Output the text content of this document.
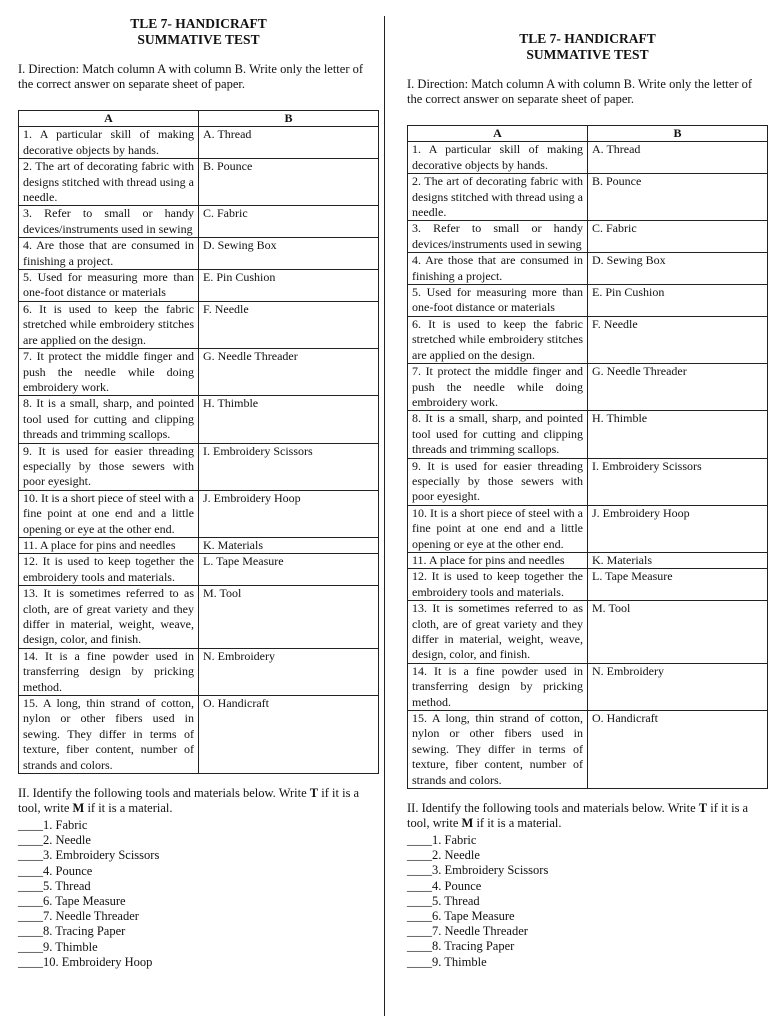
TLE 7- HANDICRAFT
SUMMATIVE TEST
I. Direction: Match column A with column B. Write only the letter of the correct answer on separate sheet of paper.
A	B
1. A particular skill of making decorative objects by hands.	A. Thread
2. The art of decorating fabric with designs stitched with thread using a needle.	B. Pounce
3. Refer to small or handy devices/instruments used in sewing	C. Fabric
4. Are those that are consumed in finishing a project.	D. Sewing Box
5. Used for measuring more than one-foot distance or materials	E. Pin Cushion
6. It is used to keep the fabric stretched while embroidery stitches are applied on the design.	F. Needle
7. It protect the middle finger and push the needle while doing embroidery work.	G. Needle Threader
8. It is a small, sharp, and pointed tool used for cutting and clipping threads and trimming scallops.	H. Thimble
9. It is used for easier threading especially by those sewers with poor eyesight.	I. Embroidery Scissors
10. It is a short piece of steel with a fine point at one end and a little opening or eye at the other end.	J. Embroidery Hoop
11. A place for pins and needles	K. Materials
12. It is used to keep together the embroidery tools and materials.	L. Tape Measure
13. It is sometimes referred to as cloth, are of great variety and they differ in material, weight, weave, design, color, and finish.	M. Tool
14. It is a fine powder used in transferring design by pricking method.	N. Embroidery
15. A long, thin strand of cotton, nylon or other fibers used in sewing. They differ in terms of texture, fiber content, number of strands and colors.	O. Handicraft
II. Identify the following tools and materials below. Write T if it is a tool, write M if it is a material.
____1. Fabric
____2. Needle
____3. Embroidery Scissors
____4. Pounce
____5. Thread
____6. Tape Measure
____7. Needle Threader
____8. Tracing Paper
____9. Thimble
____10. Embroidery Hoop
TLE 7- HANDICRAFT
SUMMATIVE TEST
I. Direction: Match column A with column B. Write only the letter of the correct answer on separate sheet of paper.
A	B
1. A particular skill of making decorative objects by hands.	A. Thread
2. The art of decorating fabric with designs stitched with thread using a needle.	B. Pounce
3. Refer to small or handy devices/instruments used in sewing	C. Fabric
4. Are those that are consumed in finishing a project.	D. Sewing Box
5. Used for measuring more than one-foot distance or materials	E. Pin Cushion
6. It is used to keep the fabric stretched while embroidery stitches are applied on the design.	F. Needle
7. It protect the middle finger and push the needle while doing embroidery work.	G. Needle Threader
8. It is a small, sharp, and pointed tool used for cutting and clipping threads and trimming scallops.	H. Thimble
9. It is used for easier threading especially by those sewers with poor eyesight.	I. Embroidery Scissors
10. It is a short piece of steel with a fine point at one end and a little opening or eye at the other end.	J. Embroidery Hoop
11. A place for pins and needles	K. Materials
12. It is used to keep together the embroidery tools and materials.	L. Tape Measure
13. It is sometimes referred to as cloth, are of great variety and they differ in material, weight, weave, design, color, and finish.	M. Tool
14. It is a fine powder used in transferring design by pricking method.	N. Embroidery
15. A long, thin strand of cotton, nylon or other fibers used in sewing. They differ in terms of texture, fiber content, number of strands and colors.	O. Handicraft
II. Identify the following tools and materials below. Write T if it is a tool, write M if it is a material.
____1. Fabric
____2. Needle
____3. Embroidery Scissors
____4. Pounce
____5. Thread
____6. Tape Measure
____7. Needle Threader
____8. Tracing Paper
____9. Thimble
